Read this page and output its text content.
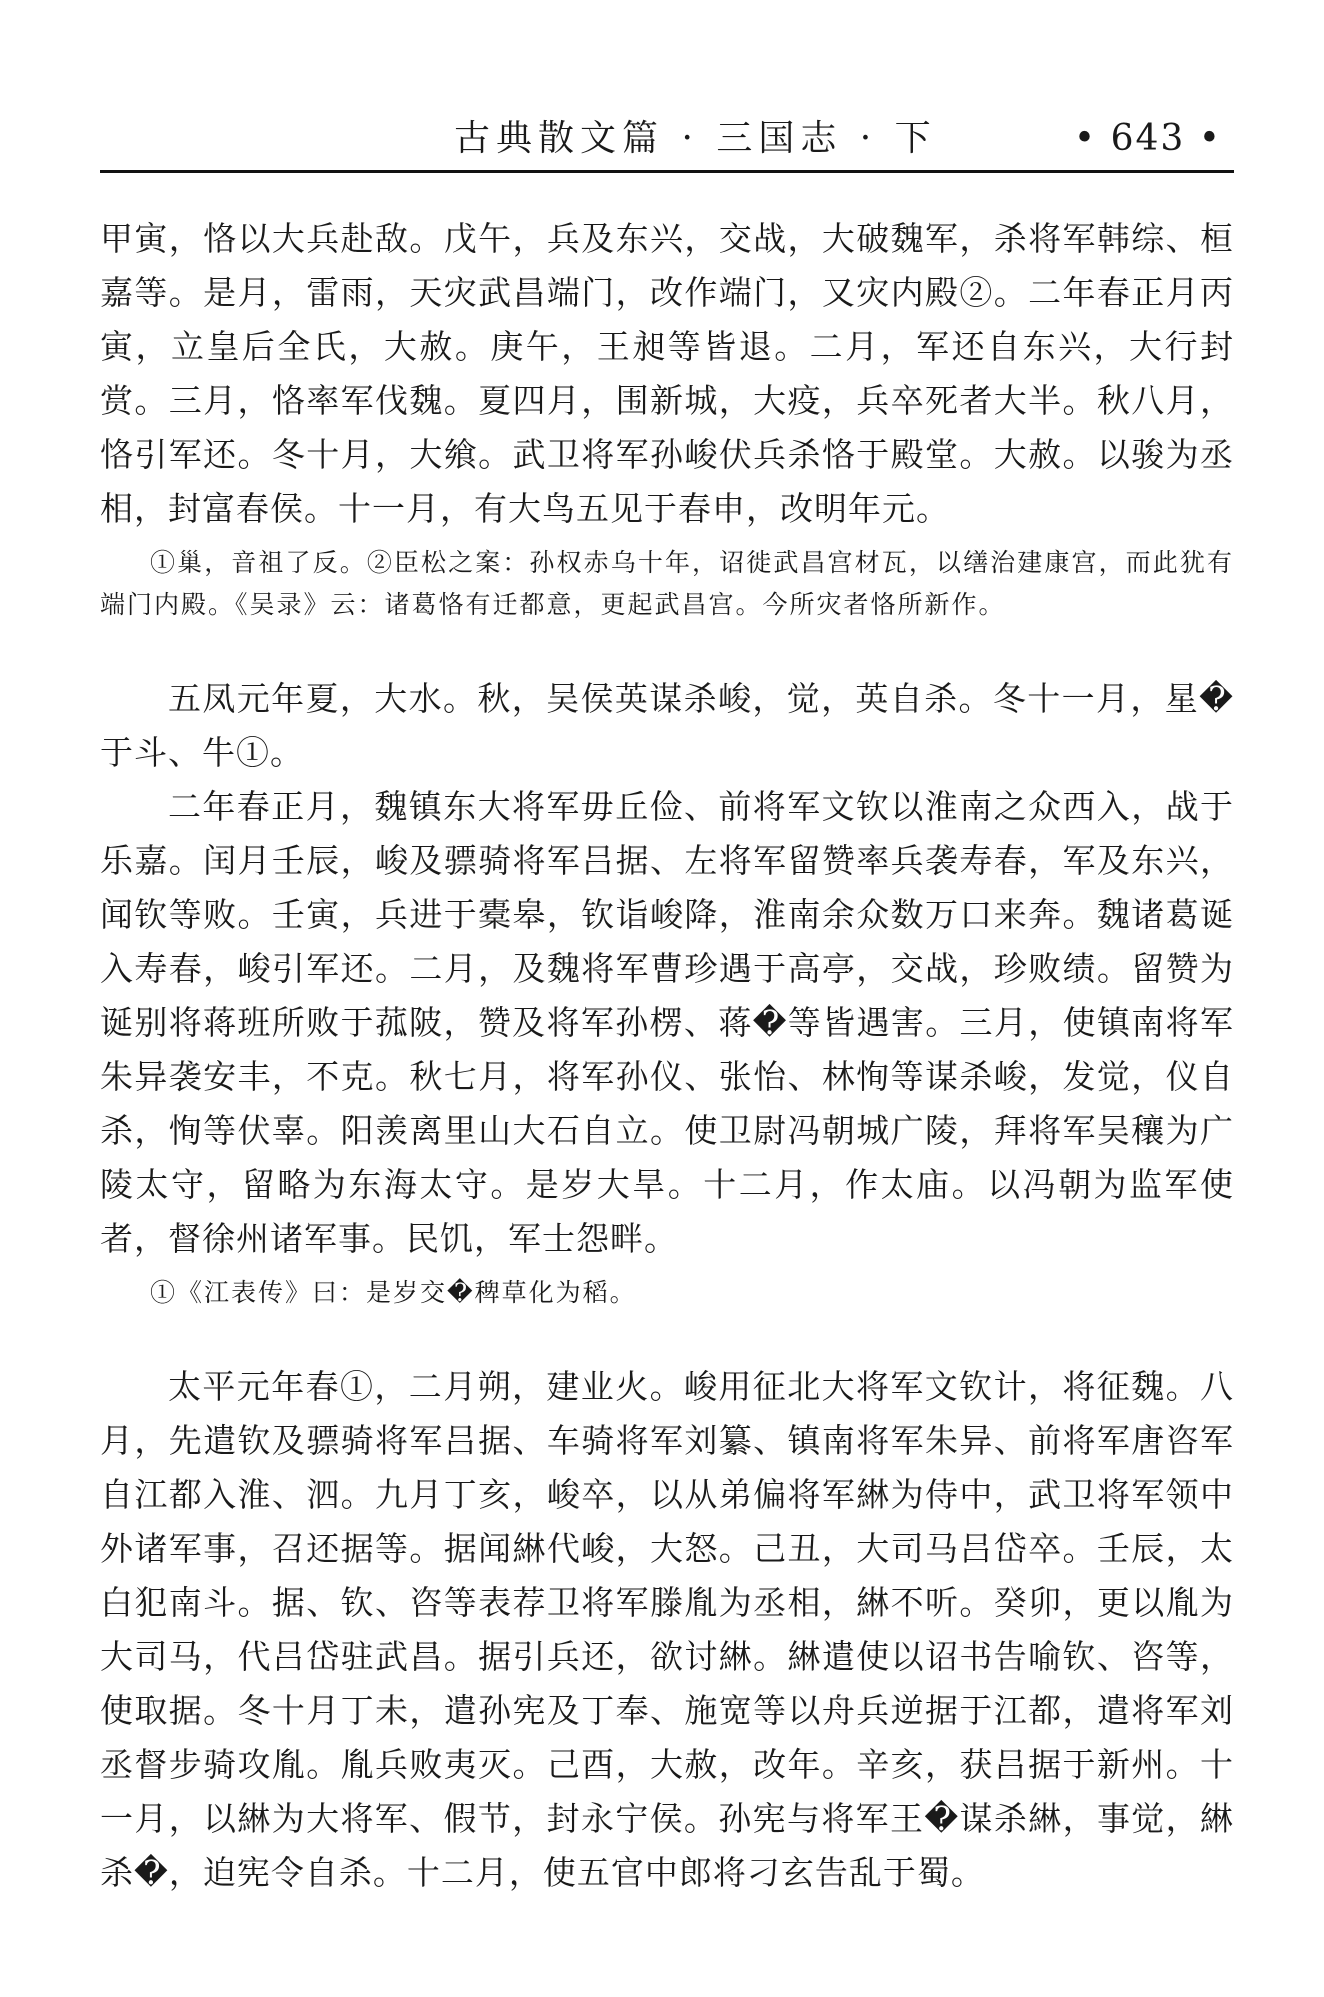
古典散文篇 · 三国志 · 下	• 643 •

甲寅，恪以大兵赴敌。戊午，兵及东兴，交战，大破魏军，杀将军韩综、桓嘉等。是月，雷雨，天灾武昌端门，改作端门，又灾内殿②。二年春正月丙寅，立皇后全氏，大赦。庚午，王昶等皆退。二月，军还自东兴，大行封赏。三月，恪率军伐魏。夏四月，围新城，大疫，兵卒死者大半。秋八月，恪引军还。冬十月，大飨。武卫将军孙峻伏兵杀恪于殿堂。大赦。以骏为丞相，封富春侯。十一月，有大鸟五见于春申，改明年元。

①巢，音祖了反。②臣松之案：孙权赤乌十年，诏徙武昌宫材瓦，以缮治建康宫，而此犹有端门内殿。《吴录》云：诸葛恪有迁都意，更起武昌宫。今所灾者恪所新作。

五凤元年夏，大水。秋，吴侯英谋杀峻，觉，英自杀。冬十一月，星�于斗、牛①。

二年春正月，魏镇东大将军毋丘俭、前将军文钦以淮南之众西入，战于乐嘉。闰月壬辰，峻及骠骑将军吕据、左将军留赞率兵袭寿春，军及东兴，闻钦等败。壬寅，兵进于橐皋，钦诣峻降，淮南余众数万口来奔。魏诸葛诞入寿春，峻引军还。二月，及魏将军曹珍遇于高亭，交战，珍败绩。留赞为诞别将蒋班所败于菰陂，赞及将军孙楞、蒋�等皆遇害。三月，使镇南将军朱异袭安丰，不克。秋七月，将军孙仪、张怡、林恂等谋杀峻，发觉，仪自杀，恂等伏辜。阳羡离里山大石自立。使卫尉冯朝城广陵，拜将军吴穰为广陵太守，留略为东海太守。是岁大旱。十二月，作太庙。以冯朝为监军使者，督徐州诸军事。民饥，军士怨畔。

①《江表传》曰：是岁交�稗草化为稻。

太平元年春①，二月朔，建业火。峻用征北大将军文钦计，将征魏。八月，先遣钦及骠骑将军吕据、车骑将军刘纂、镇南将军朱异、前将军唐咨军自江都入淮、泗。九月丁亥，峻卒，以从弟偏将军綝为侍中，武卫将军领中外诸军事，召还据等。据闻綝代峻，大怒。己丑，大司马吕岱卒。壬辰，太白犯南斗。据、钦、咨等表荐卫将军滕胤为丞相，綝不听。癸卯，更以胤为大司马，代吕岱驻武昌。据引兵还，欲讨綝。綝遣使以诏书告喻钦、咨等，使取据。冬十月丁未，遣孙宪及丁奉、施宽等以舟兵逆据于江都，遣将军刘丞督步骑攻胤。胤兵败夷灭。己酉，大赦，改年。辛亥，获吕据于新州。十一月，以綝为大将军、假节，封永宁侯。孙宪与将军王�谋杀綝，事觉，綝杀�，迫宪令自杀。十二月，使五官中郎将刁玄告乱于蜀。
